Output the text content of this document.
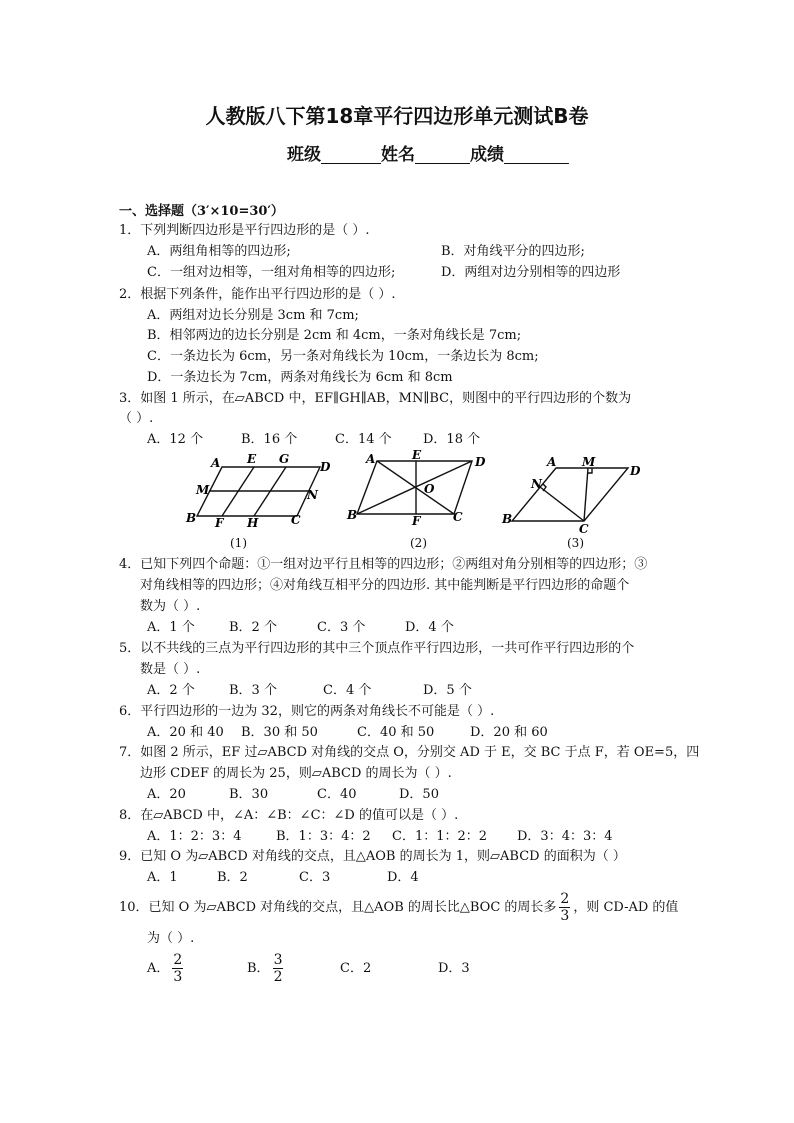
人教版八下第18章平行四边形单元测试B卷
班级	姓名	成绩
一、选择题（3′×10=30′）
1．下列判断四边形是平行四边形的是（ ）.
A．两组角相等的四边形;	B．对角线平分的四边形;
C．一组对边相等，一组对角相等的四边形;	D．两组对边分别相等的四边形
2．根据下列条件，能作出平行四边形的是（ ）.
A．两组对边长分别是 3cm 和 7cm;
B．相邻两边的边长分别是 2cm 和 4cm，一条对角线长是 7cm;
C．一条边长为 6cm，另一条对角线长为 10cm，一条边长为 8cm;
D．一条边长为 7cm，两条对角线长为 6cm 和 8cm
3．如图 1 所示，在▱ABCD 中，EF∥GH∥AB，MN∥BC，则图中的平行四边形的个数为
（ ）.
A．12 个	B．16 个	C．14 个 D．18 个
A E G
D
M	N
B F H	C
A	E	D
O
B	F	C
A M
D
N
B
C
(1)	(2)	(3)
4．已知下列四个命题：①一组对边平行且相等的四边形；②两组对角分别相等的四边形；③
对角线相等的四边形；④对角线互相平分的四边形. 其中能判断是平行四边形的命题个
数为（ ）.
A．1 个	B．2 个	C．3 个	D．4 个
5．以不共线的三点为平行四边形的其中三个顶点作平行四边形，一共可作平行四边形的个
数是（ ）.
A．2 个	B．3 个	C．4 个	D．5 个
6．平行四边形的一边为 32，则它的两条对角线长不可能是（ ）.
A．20 和 40 B．30 和 50	C．40 和 50	D．20 和 60
7．如图 2 所示，EF 过▱ABCD 对角线的交点 O，分别交 AD 于 E，交 BC 于点 F，若 OE=5，四
边形 CDEF 的周长为 25，则▱ABCD 的周长为（ ）.
A．20	B．30	C．40	D．50
8．在▱ABCD 中，∠A：∠B：∠C：∠D 的值可以是（ ）.
A．1：2：3：4	B．1：3：4：2 C．1：1：2：2 D．3：4：3：4
9．已知 O 为▱ABCD 对角线的交点，且△AOB 的周长为 1，则▱ABCD 的面积为（ ）
A．1	B．2	C．3	D．4
10．已知 O 为▱ABCD 对角线的交点，且△AOB 的周长比△BOC 的周长多 $\frac{2}{3}$ ，则 CD-AD 的值
为（ ）.
A． $\frac{2}{3}$	B． $\frac{3}{2}$	C．2	D．3
